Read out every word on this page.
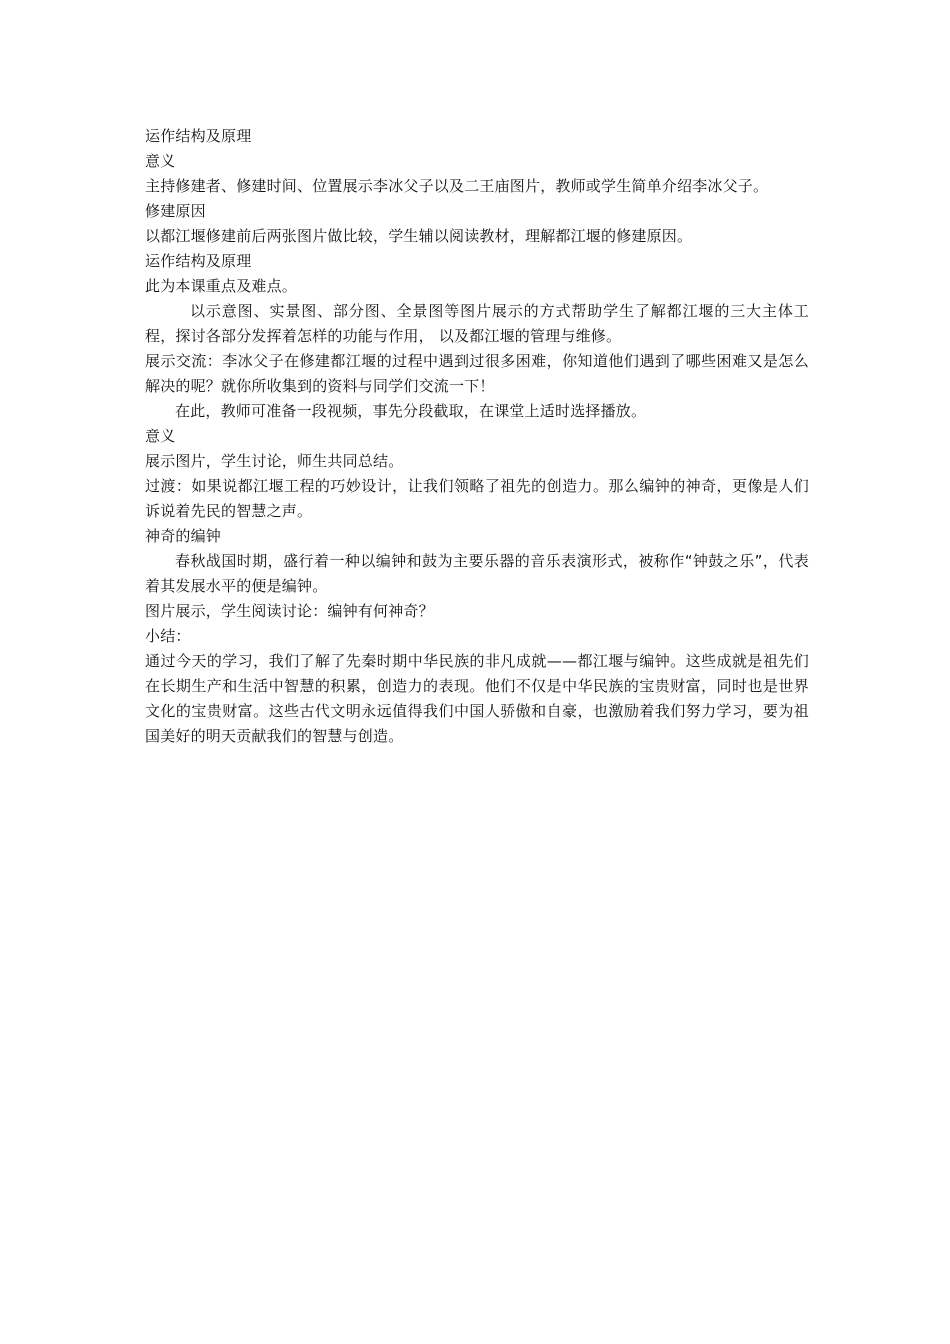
运作结构及原理

意义

主持修建者、修建时间、位置展示李冰父子以及二王庙图片，教师或学生简单介绍李冰父子。

修建原因

以都江堰修建前后两张图片做比较，学生辅以阅读教材，理解都江堰的修建原因。

运作结构及原理

此为本课重点及难点。

以示意图、实景图、部分图、全景图等图片展示的方式帮助学生了解都江堰的三大主体工程，探讨各部分发挥着怎样的功能与作用， 以及都江堰的管理与维修。

展示交流：李冰父子在修建都江堰的过程中遇到过很多困难，你知道他们遇到了哪些困难又是怎么解决的呢？就你所收集到的资料与同学们交流一下！

在此，教师可准备一段视频，事先分段截取，在课堂上适时选择播放。

意义

展示图片，学生讨论，师生共同总结。

过渡：如果说都江堰工程的巧妙设计，让我们领略了祖先的创造力。那么编钟的神奇，更像是人们诉说着先民的智慧之声。

神奇的编钟

春秋战国时期，盛行着一种以编钟和鼓为主要乐器的音乐表演形式，被称作“钟鼓之乐”，代表着其发展水平的便是编钟。

图片展示，学生阅读讨论：编钟有何神奇？

小结：

通过今天的学习，我们了解了先秦时期中华民族的非凡成就——都江堰与编钟。这些成就是祖先们在长期生产和生活中智慧的积累，创造力的表现。他们不仅是中华民族的宝贵财富，同时也是世界文化的宝贵财富。这些古代文明永远值得我们中国人骄傲和自豪，也激励着我们努力学习，要为祖国美好的明天贡献我们的智慧与创造。
